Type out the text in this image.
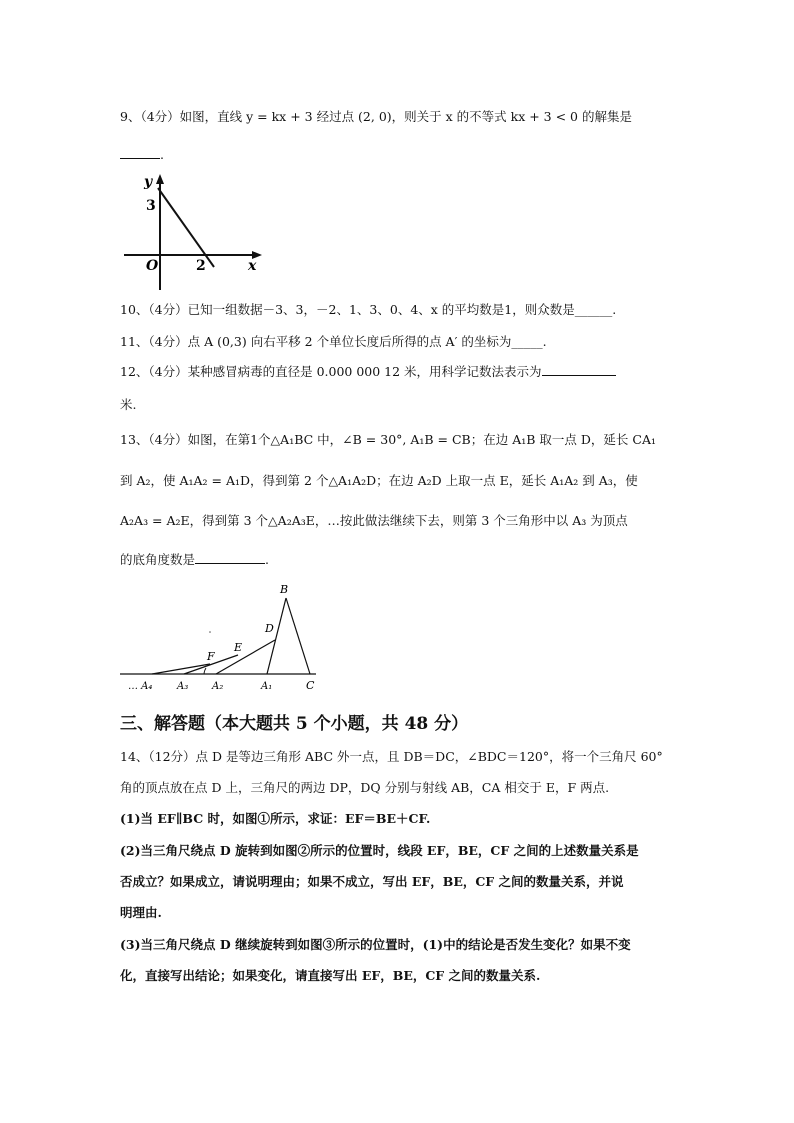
9、（4分）如图，直线 y = kx + 3 经过点 (2, 0)，则关于 x 的不等式 kx + 3 < 0 的解集是
.
y
x
O
3
2
10、（4分）已知一组数据－3、3，－2、1、3、0、4、x 的平均数是1，则众数是______.
11、（4分）点 A (0,3) 向右平移 2 个单位长度后所得的点 A′ 的坐标为_____.
12、（4分）某种感冒病毒的直径是 0.000 000 12 米，用科学记数法表示为
米.
13、（4分）如图，在第1个△A₁BC 中，∠B = 30°, A₁B = CB；在边 A₁B 取一点 D，延长 CA₁
到 A₂，使 A₁A₂ = A₁D，得到第 2 个△A₁A₂D；在边 A₂D 上取一点 E，延长 A₁A₂ 到 A₃，使
A₂A₃ = A₂E，得到第 3 个△A₂A₃E，…按此做法继续下去，则第 3 个三角形中以 A₃ 为顶点
的底角度数是	.
B
D
E
F
… A₄ A₃ A₂	A₁	C
三、解答题（本大题共 5 个小题，共 48 分）
14、（12分）点 D 是等边三角形 ABC 外一点，且 DB＝DC，∠BDC＝120°，将一个三角尺 60°
角的顶点放在点 D 上，三角尺的两边 DP，DQ 分别与射线 AB，CA 相交于 E，F 两点.
(1)当 EF∥BC 时，如图①所示，求证：EF＝BE＋CF.
(2)当三角尺绕点 D 旋转到如图②所示的位置时，线段 EF，BE，CF 之间的上述数量关系是
否成立？如果成立，请说明理由；如果不成立，写出 EF，BE，CF 之间的数量关系，并说
明理由.
(3)当三角尺绕点 D 继续旋转到如图③所示的位置时，(1)中的结论是否发生变化？如果不变
化，直接写出结论；如果变化，请直接写出 EF，BE，CF 之间的数量关系.
